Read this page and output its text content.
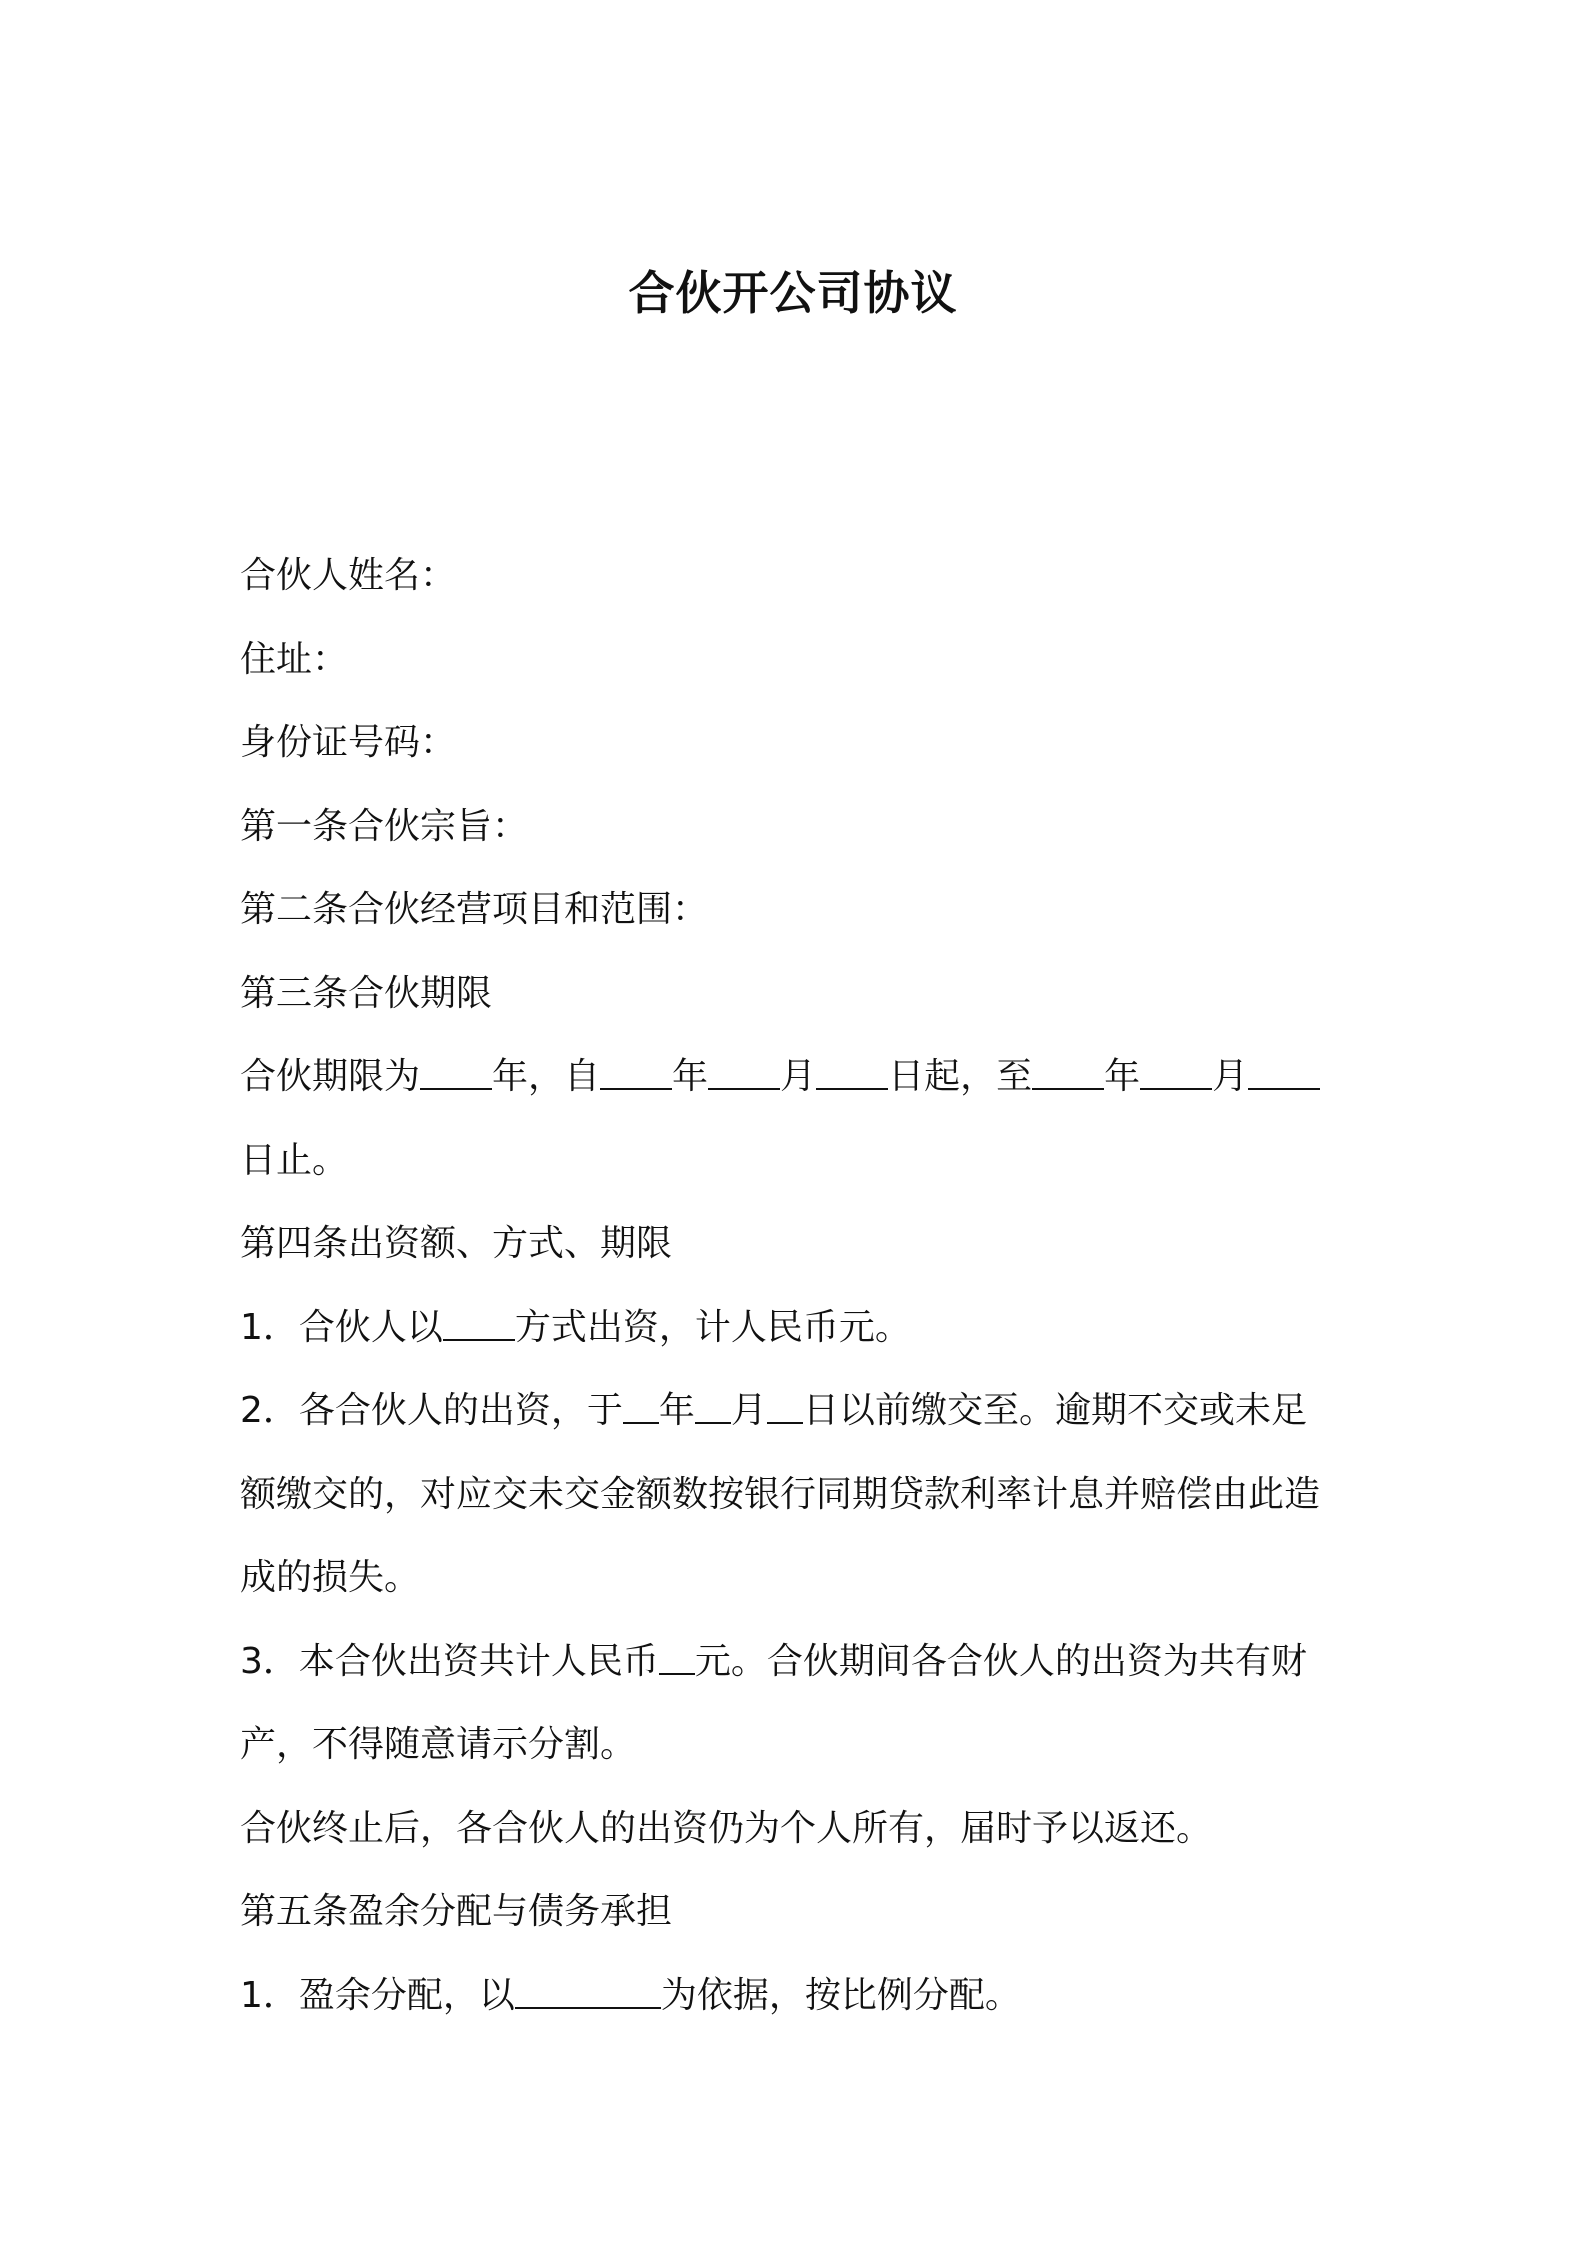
合伙开公司协议
合伙人姓名：
住址：
身份证号码：
第一条合伙宗旨：
第二条合伙经营项目和范围：
第三条合伙期限
合伙期限为 年，自 年 月 日起，至 年 月
日止。
第四条出资额、方式、期限
1．合伙人以 方式出资，计人民币元。
2．各合伙人的出资，于 年 月 日以前缴交至。逾期不交或未足
额缴交的，对应交未交金额数按银行同期贷款利率计息并赔偿由此造
成的损失。
3．本合伙出资共计人民币 元。合伙期间各合伙人的出资为共有财
产，不得随意请示分割。
合伙终止后，各合伙人的出资仍为个人所有，届时予以返还。
第五条盈余分配与债务承担
1．盈余分配，以	为依据，按比例分配。
